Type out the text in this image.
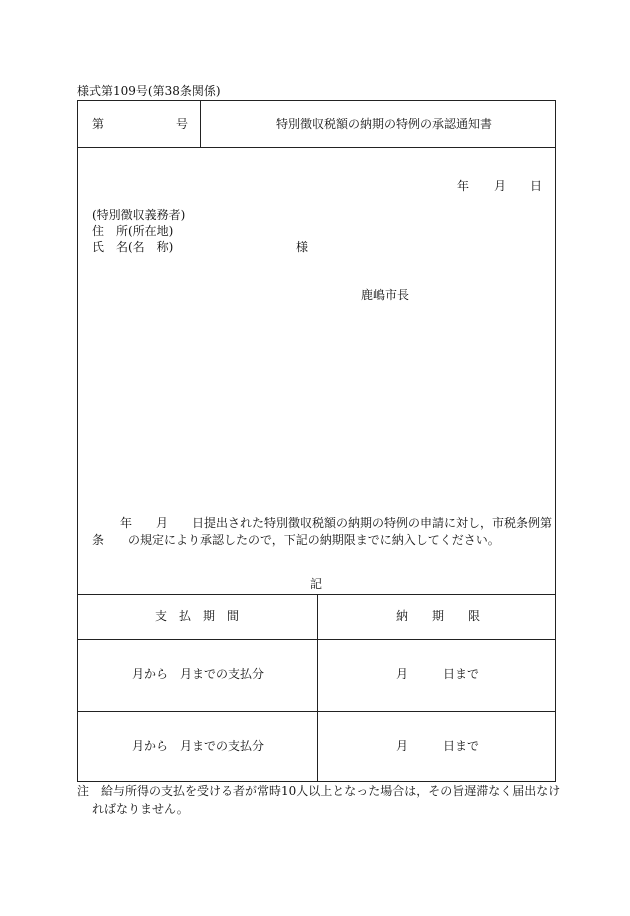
様式第109号(第38条関係)
第	号	特別徴収税額の納期の特例の承認通知書
年 月 日
(特別徴収義務者)
住　所(所在地)
氏　名(名　称)	様
鹿嶋市長
年　　月　　日提出された特別徴収税額の納期の特例の申請に対し，市税条例第
条　　の規定により承認したので，下記の納期限までに納入してください。
記
支　払　期　間	納　　期　　限
月から　月までの支払分	月	日まで
月から　月までの支払分	月	日まで
注　給与所得の支払を受ける者が常時10人以上となった場合は，その旨遅滞なく届出なけ
ればなりません。
